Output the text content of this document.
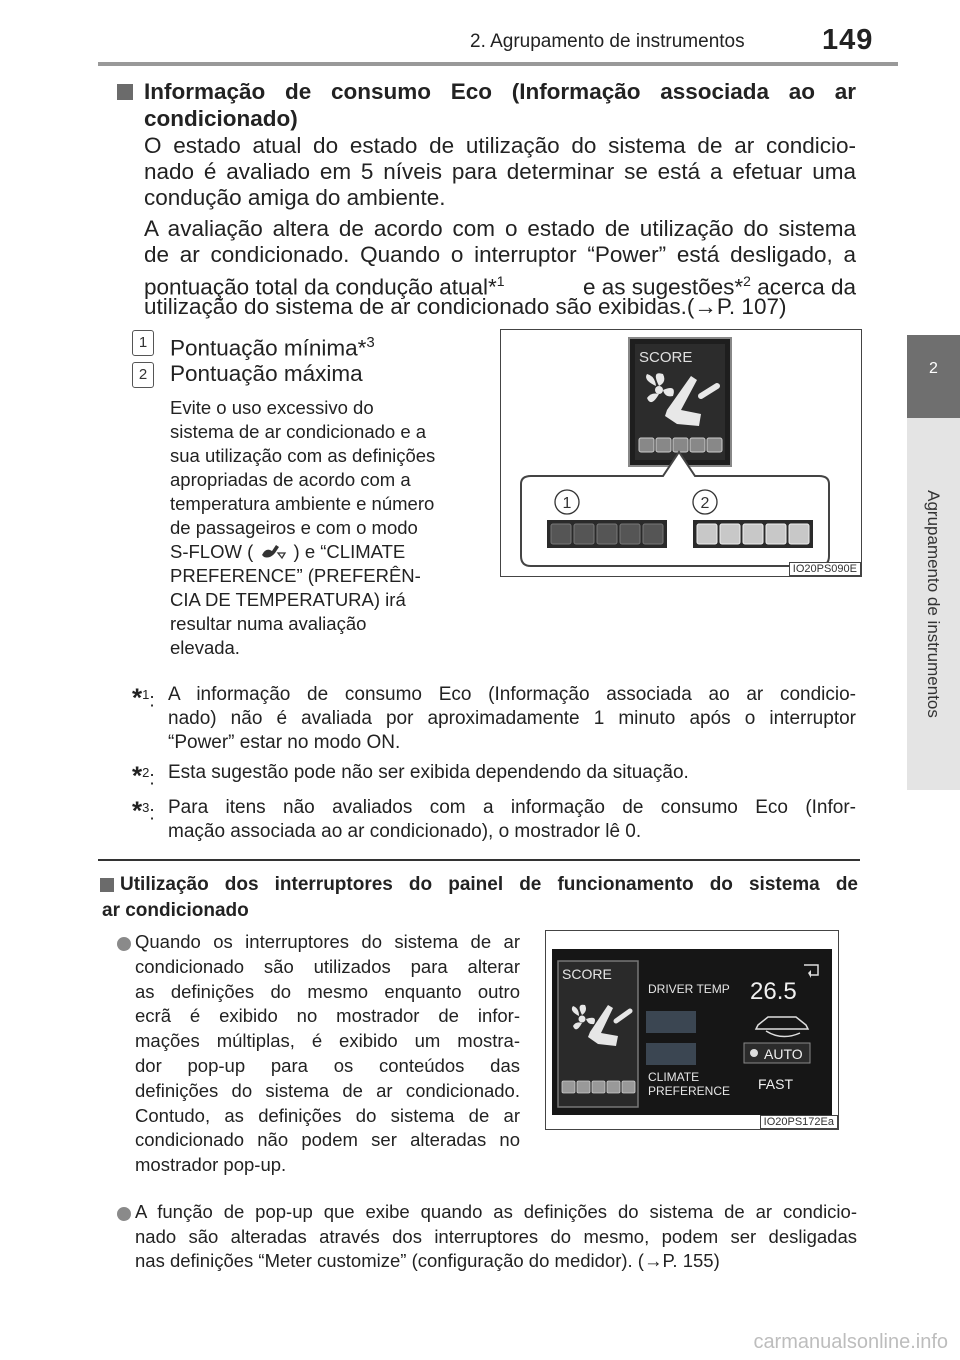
2. Agrupamento de instrumentos	149
2
Agrupamento de instrumentos
Informação de consumo Eco (Informação associada ao ar
condicionado)
O estado atual do estado de utilização do sistema de ar condicio-
nado é avaliado em 5 níveis para determinar se está a efetuar uma
condução amiga do ambiente.
A avaliação altera de acordo com o estado de utilização do sistema
de ar condicionado. Quando o interruptor “Power” está desligado, a
pontuação total da condução atual*$^1$	e as sugestões*$^2$ acerca da
utilização do sistema de ar condicionado são exibidas.(→P. 107)
1	Pontuação mínima*$^3$
2	Pontuação máxima
Evite o uso excessivo do
sistema de ar condicionado e a
sua utilização com as definições
apropriadas de acordo com a
temperatura ambiente e número
de passageiros e com o modo
S-FLOW ( ) e “CLIMATE
PREFERENCE” (PREFERÊN-
CIA DE TEMPERATURA) irá
resultar numa avaliação
elevada.
SCORE
1	2
IO20PS090E
*$^1$: A informação de consumo Eco (Informação associada ao ar condicio-
nado) não é avaliada por aproximadamente 1 minuto após o interruptor
“Power” estar no modo ON.
*$^2$: Esta sugestão pode não ser exibida dependendo da situação.
*$^3$: Para itens não avaliados com a informação de consumo Eco (Infor-
mação associada ao ar condicionado), o mostrador lê 0.
Utilização dos interruptores do painel de funcionamento do sistema de
ar condicionado
Quando os interruptores do sistema de ar
condicionado são utilizados para alterar
as definições do mesmo enquanto outro
ecrã é exibido no mostrador de infor-
mações múltiplas, é exibido um mostra-
dor pop-up para os conteúdos das
definições do sistema de ar condicionado.
Contudo, as definições do sistema de ar
condicionado não podem ser alteradas no
mostrador pop-up.
SCORE
DRIVER TEMP 26.5
AUTO
CLIMATE
PREFERENCE FAST
IO20PS172Ea
A função de pop-up que exibe quando as definições do sistema de ar condicio-
nado são alteradas através dos interruptores do mesmo, podem ser desligadas
nas definições “Meter customize” (configuração do medidor). (→P. 155)
carmanualsonline.info
